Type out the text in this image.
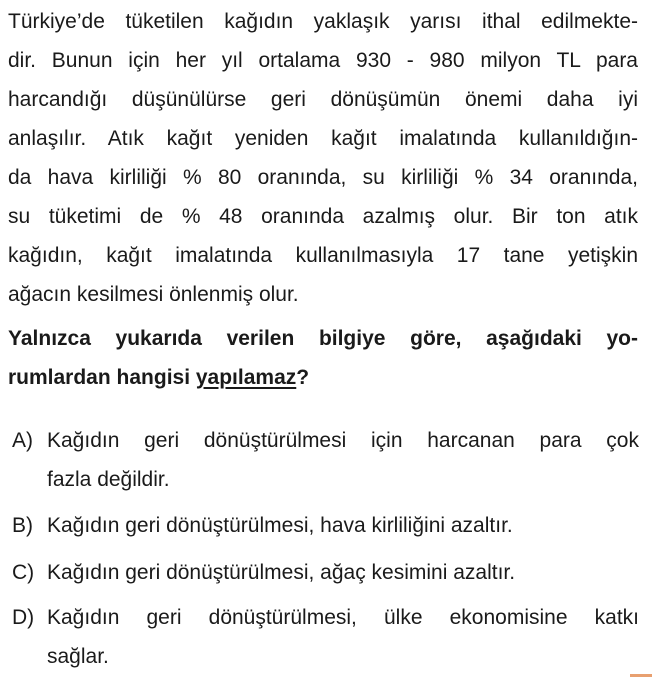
Türkiye’de tüketilen kağıdın yaklaşık yarısı ithal edilmekte-
dir. Bunun için her yıl ortalama 930 - 980 milyon TL para
harcandığı düşünülürse geri dönüşümün önemi daha iyi
anlaşılır. Atık kağıt yeniden kağıt imalatında kullanıldığın-
da hava kirliliği % 80 oranında, su kirliliği % 34 oranında,
su tüketimi de % 48 oranında azalmış olur. Bir ton atık
kağıdın, kağıt imalatında kullanılmasıyla 17 tane yetişkin
ağacın kesilmesi önlenmiş olur.
Yalnızca yukarıda verilen bilgiye göre, aşağıdaki yo-
rumlardan hangisi yapılamaz?
A) Kağıdın geri dönüştürülmesi için harcanan para çok
fazla değildir.
B) Kağıdın geri dönüştürülmesi, hava kirliliğini azaltır.
C) Kağıdın geri dönüştürülmesi, ağaç kesimini azaltır.
D) Kağıdın geri dönüştürülmesi, ülke ekonomisine katkı
sağlar.
